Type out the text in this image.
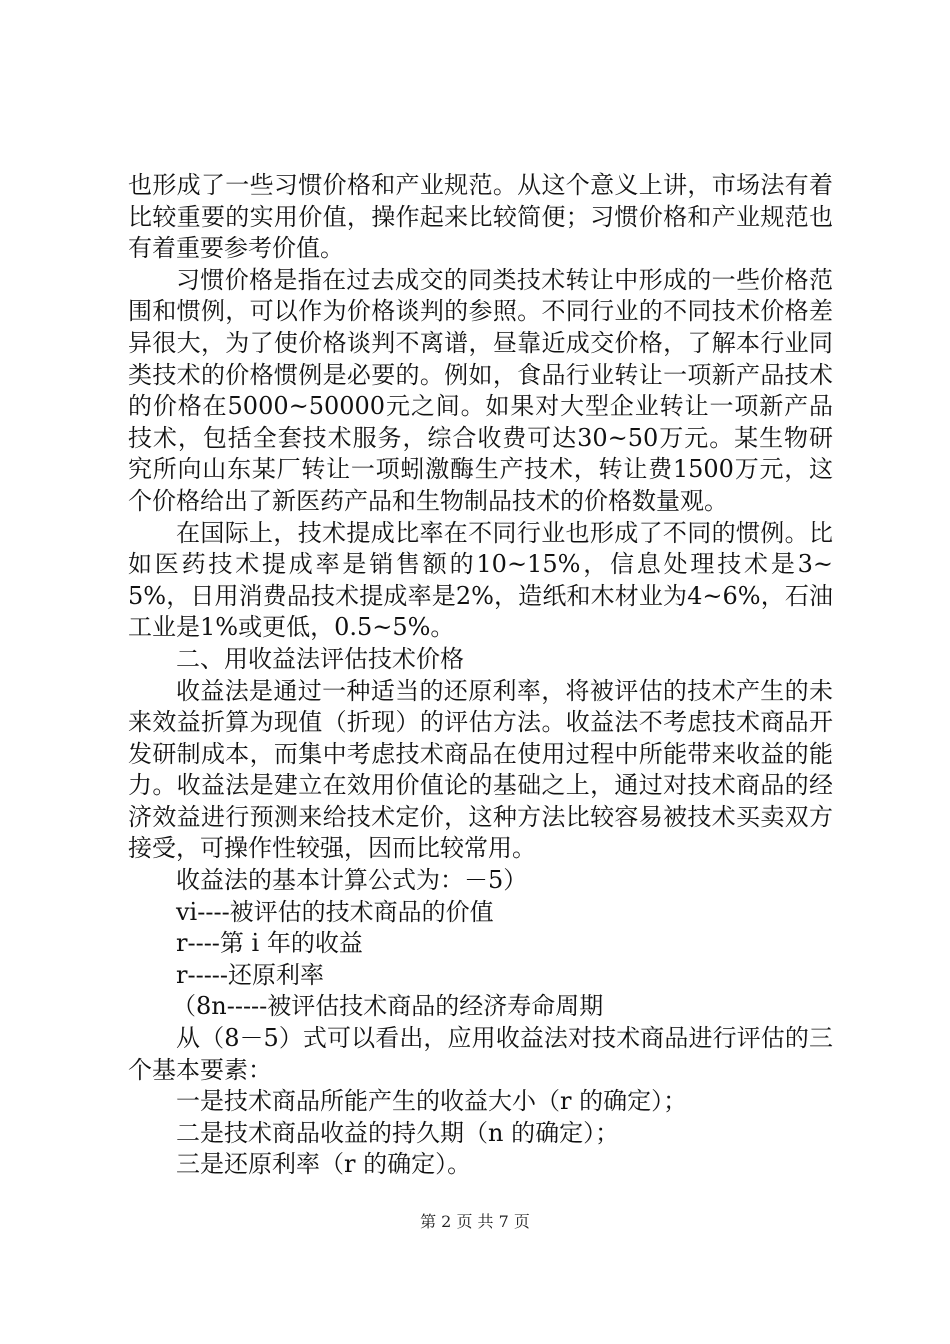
也形成了一些习惯价格和产业规范。从这个意义上讲，市场法有着比较重要的实用价值，操作起来比较简便；习惯价格和产业规范也有着重要参考价值。

习惯价格是指在过去成交的同类技术转让中形成的一些价格范围和惯例，可以作为价格谈判的参照。不同行业的不同技术价格差异很大，为了使价格谈判不离谱，昼靠近成交价格，了解本行业同类技术的价格惯例是必要的。例如，食品行业转让一项新产品技术的价格在5000~50000元之间。如果对大型企业转让一项新产品技术，包括全套技术服务，综合收费可达30~50万元。某生物研究所向山东某厂转让一项蚓激酶生产技术，转让费1500万元，这个价格给出了新医药产品和生物制品技术的价格数量观。

在国际上，技术提成比率在不同行业也形成了不同的惯例。比如医药技术提成率是销售额的10~15%，信息处理技术是3~5%，日用消费品技术提成率是2%，造纸和木材业为4~6%，石油工业是1%或更低，0.5~5%。

二、用收益法评估技术价格

收益法是通过一种适当的还原利率，将被评估的技术产生的未来效益折算为现值（折现）的评估方法。收益法不考虑技术商品开发研制成本，而集中考虑技术商品在使用过程中所能带来收益的能力。收益法是建立在效用价值论的基础之上，通过对技术商品的经济效益进行预测来给技术定价，这种方法比较容易被技术买卖双方接受，可操作性较强，因而比较常用。

收益法的基本计算公式为：－5）

vi----被评估的技术商品的价值

r----第 i 年的收益

r-----还原利率

（8n-----被评估技术商品的经济寿命周期

从（8－5）式可以看出，应用收益法对技术商品进行评估的三个基本要素：

一是技术商品所能产生的收益大小（r 的确定）；

二是技术商品收益的持久期（n 的确定）；

三是还原利率（r 的确定）。

第 2 页 共 7 页
